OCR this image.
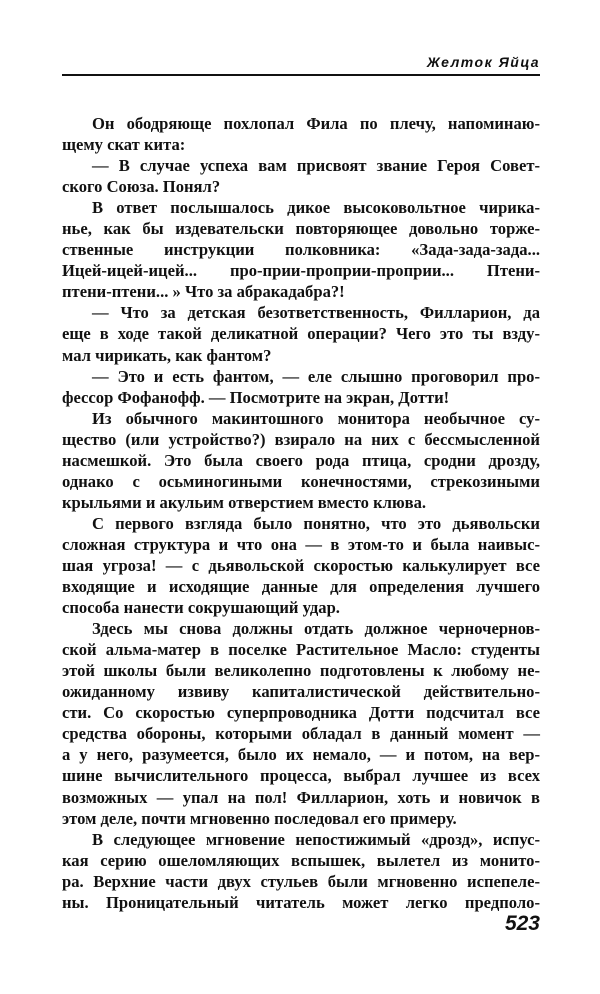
Желток Яйца
Он ободряюще похлопал Фила по плечу, напоминаю-
щему скат кита:
— В случае успеха вам присвоят звание Героя Совет-
ского Союза. Понял?
В ответ послышалось дикое высоковольтное чирика-
нье, как бы издевательски повторяющее довольно торже-
ственные инструкции полковника: «Зада-зада-зада...
Ицей-ицей-ицей... про-прии-проприи-проприи... Птени-
птени-птени... » Что за абракадабра?!
— Что за детская безответственность, Филларион, да
еще в ходе такой деликатной операции? Чего это ты взду-
мал чирикать, как фантом?
— Это и есть фантом, — еле слышно проговорил про-
фессор Фофанофф. — Посмотрите на экран, Дотти!
Из обычного макинтошного монитора необычное су-
щество (или устройство?) взирало на них с бессмысленной
насмешкой. Это была своего рода птица, сродни дрозду,
однако с осьминогиными конечностями, стрекозиными
крыльями и акульим отверстием вместо клюва.
С первого взгляда было понятно, что это дьявольски
сложная структура и что она — в этом-то и была наивыс-
шая угроза! — с дьявольской скоростью калькулирует все
входящие и исходящие данные для определения лучшего
способа нанести сокрушающий удар.
Здесь мы снова должны отдать должное черночернов-
ской альма-матер в поселке Растительное Масло: студенты
этой школы были великолепно подготовлены к любому не-
ожиданному извиву капиталистической действительно-
сти. Со скоростью суперпроводника Дотти подсчитал все
средства обороны, которыми обладал в данный момент —
а у него, разумеется, было их немало, — и потом, на вер-
шине вычислительного процесса, выбрал лучшее из всех
возможных — упал на пол! Филларион, хоть и новичок в
этом деле, почти мгновенно последовал его примеру.
В следующее мгновение непостижимый «дрозд», испус-
кая серию ошеломляющих вспышек, вылетел из монито-
ра. Верхние части двух стульев были мгновенно испепеле-
ны. Проницательный читатель может легко предполо-
523
